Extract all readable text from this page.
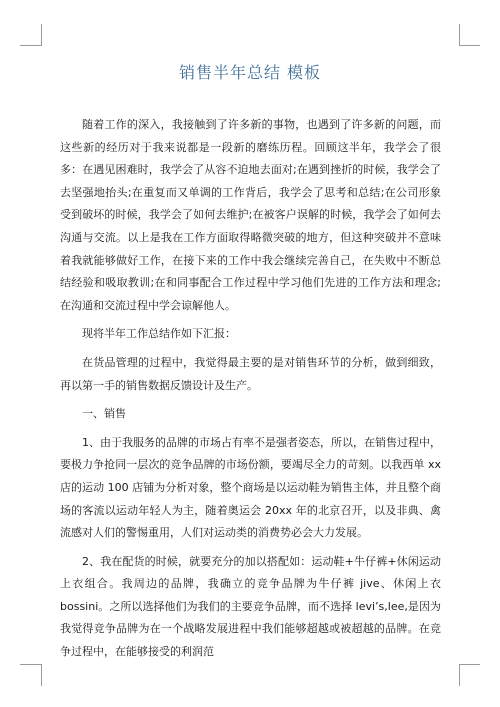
销售半年总结 模板

随着工作的深入，我接触到了许多新的事物，也遇到了许多新的问题，而这些新的经历对于我来说都是一段新的磨练历程。回顾这半年，我学会了很多：在遇见困难时，我学会了从容不迫地去面对;在遇到挫折的时候，我学会了去坚强地抬头;在重复而又单调的工作背后，我学会了思考和总结;在公司形象受到破坏的时候，我学会了如何去维护;在被客户误解的时候，我学会了如何去沟通与交流。以上是我在工作方面取得略微突破的地方，但这种突破并不意味着我就能够做好工作，在接下来的工作中我会继续完善自己，在失败中不断总结经验和吸取教训;在和同事配合工作过程中学习他们先进的工作方法和理念;在沟通和交流过程中学会谅解他人。

现将半年工作总结作如下汇报：

在货品管理的过程中，我觉得最主要的是对销售环节的分析，做到细致，再以第一手的销售数据反馈设计及生产。

一、销售

1、由于我服务的品牌的市场占有率不是强者姿态，所以，在销售过程中，要极力争抢同一层次的竞争品牌的市场份额，要竭尽全力的苛刻。以我西单 xx 店的运动 100 店铺为分析对象，整个商场是以运动鞋为销售主体，并且整个商场的客流以运动年轻人为主，随着奥运会 20xx 年的北京召开，以及非典、禽流感对人们的警惕重用，人们对运动类的消费势必会大力发展。

2、我在配货的时候，就要充分的加以搭配如：运动鞋+牛仔裤+休闲运动上衣组合。我周边的品牌，我确立的竞争品牌为牛仔裤 jive、休闲上衣 bossini。之所以选择他们为我们的主要竞争品牌，而不选择 levi’s,lee,是因为我觉得竞争品牌为在一个战略发展进程中我们能够超越或被超越的品牌。在竞争过程中，在能够接受的利润范
